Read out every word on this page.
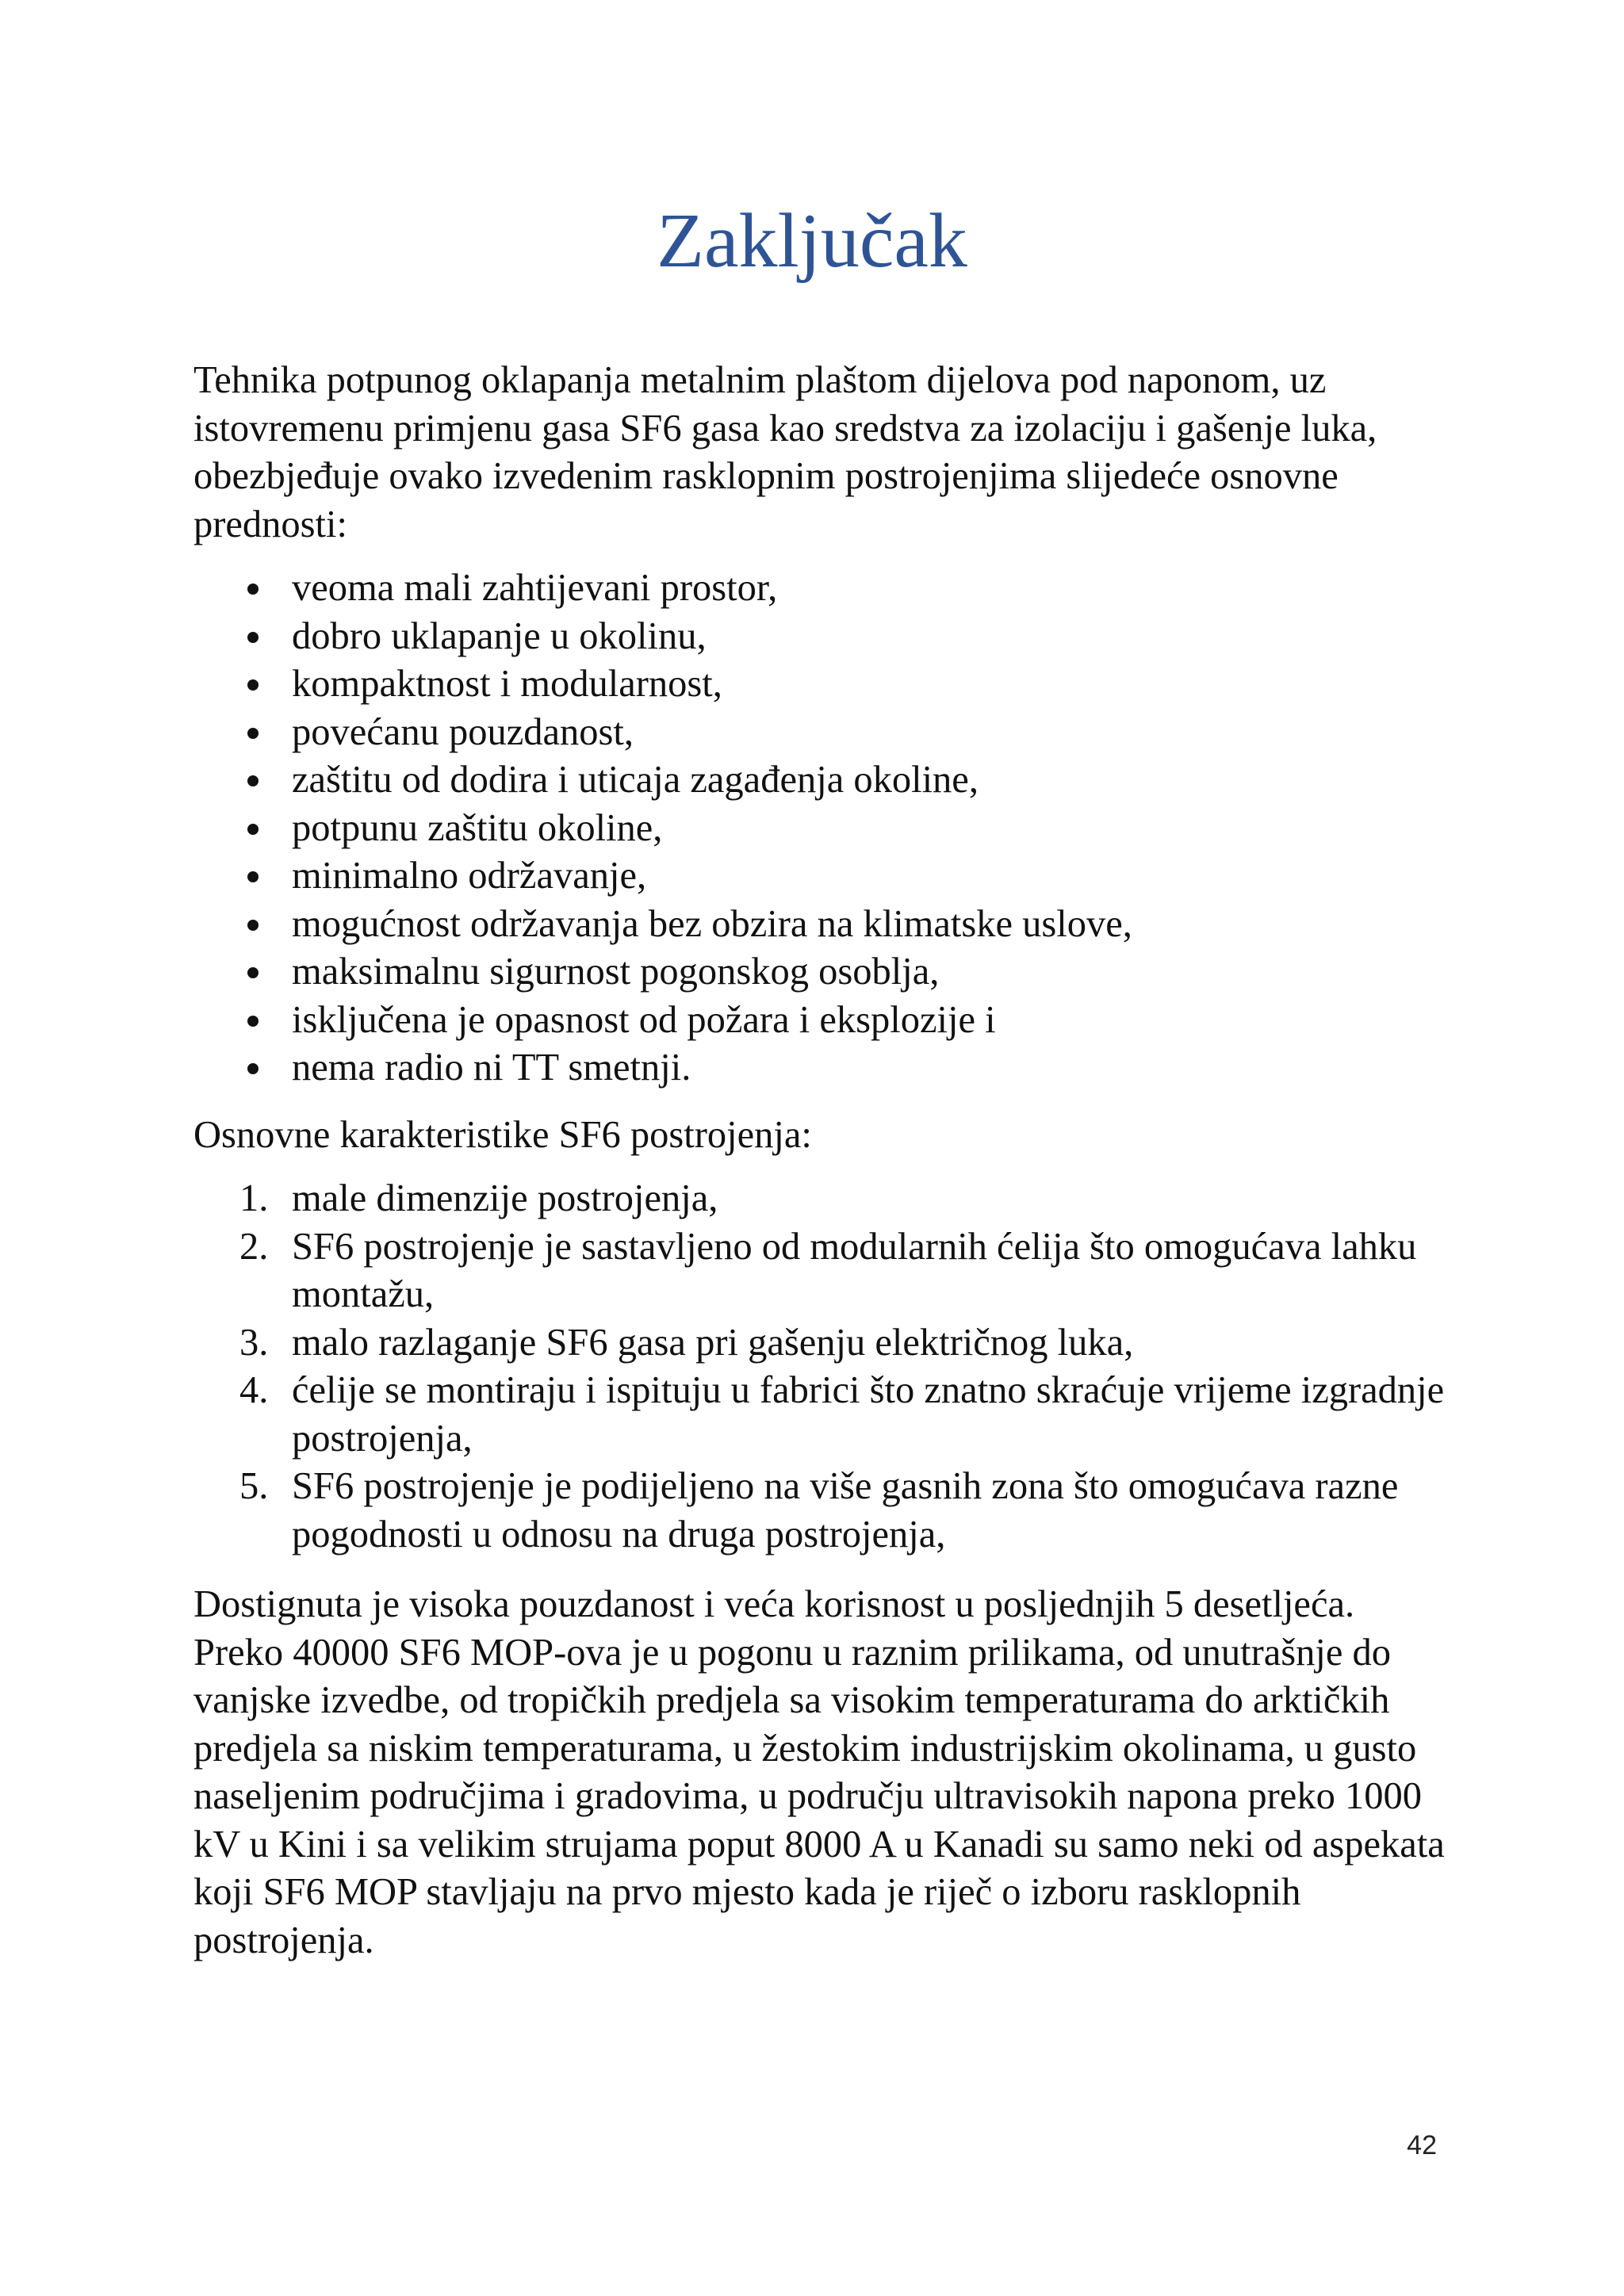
Zaključak

Tehnika potpunog oklapanja metalnim plaštom dijelova pod naponom, uz istovremenu primjenu gasa SF6 gasa kao sredstva za izolaciju i gašenje luka, obezbjeđuje ovako izvedenim rasklopnim postrojenjima slijedeće osnovne prednosti:

veoma mali zahtijevani prostor,
dobro uklapanje u okolinu,
kompaktnost i modularnost,
povećanu pouzdanost,
zaštitu od dodira i uticaja zagađenja okoline,
potpunu zaštitu okoline,
minimalno održavanje,
mogućnost održavanja bez obzira na klimatske uslove,
maksimalnu sigurnost pogonskog osoblja,
isključena je opasnost od požara i eksplozije i
nema radio ni TT smetnji.

Osnovne karakteristike SF6 postrojenja:

1. male dimenzije postrojenja,
2. SF6 postrojenje je sastavljeno od modularnih ćelija što omogućava lahku montažu,
3. malo razlaganje SF6 gasa pri gašenju električnog luka,
4. ćelije se montiraju i ispituju u fabrici što znatno skraćuje vrijeme izgradnje postrojenja,
5. SF6 postrojenje je podijeljeno na više gasnih zona što omogućava razne pogodnosti u odnosu na druga postrojenja,

Dostignuta je visoka pouzdanost i veća korisnost u posljednjih 5 desetljeća. Preko 40000 SF6 MOP-ova je u pogonu u raznim prilikama, od unutrašnje do vanjske izvedbe, od tropičkih predjela sa visokim temperaturama do arktičkih predjela sa niskim temperaturama, u žestokim industrijskim okolinama, u gusto naseljenim područjima i gradovima, u području ultravisokih napona preko 1000 kV u Kini i sa velikim strujama poput 8000 A u Kanadi su samo neki od aspekata koji SF6 MOP stavljaju na prvo mjesto kada je riječ o izboru rasklopnih postrojenja.

42
